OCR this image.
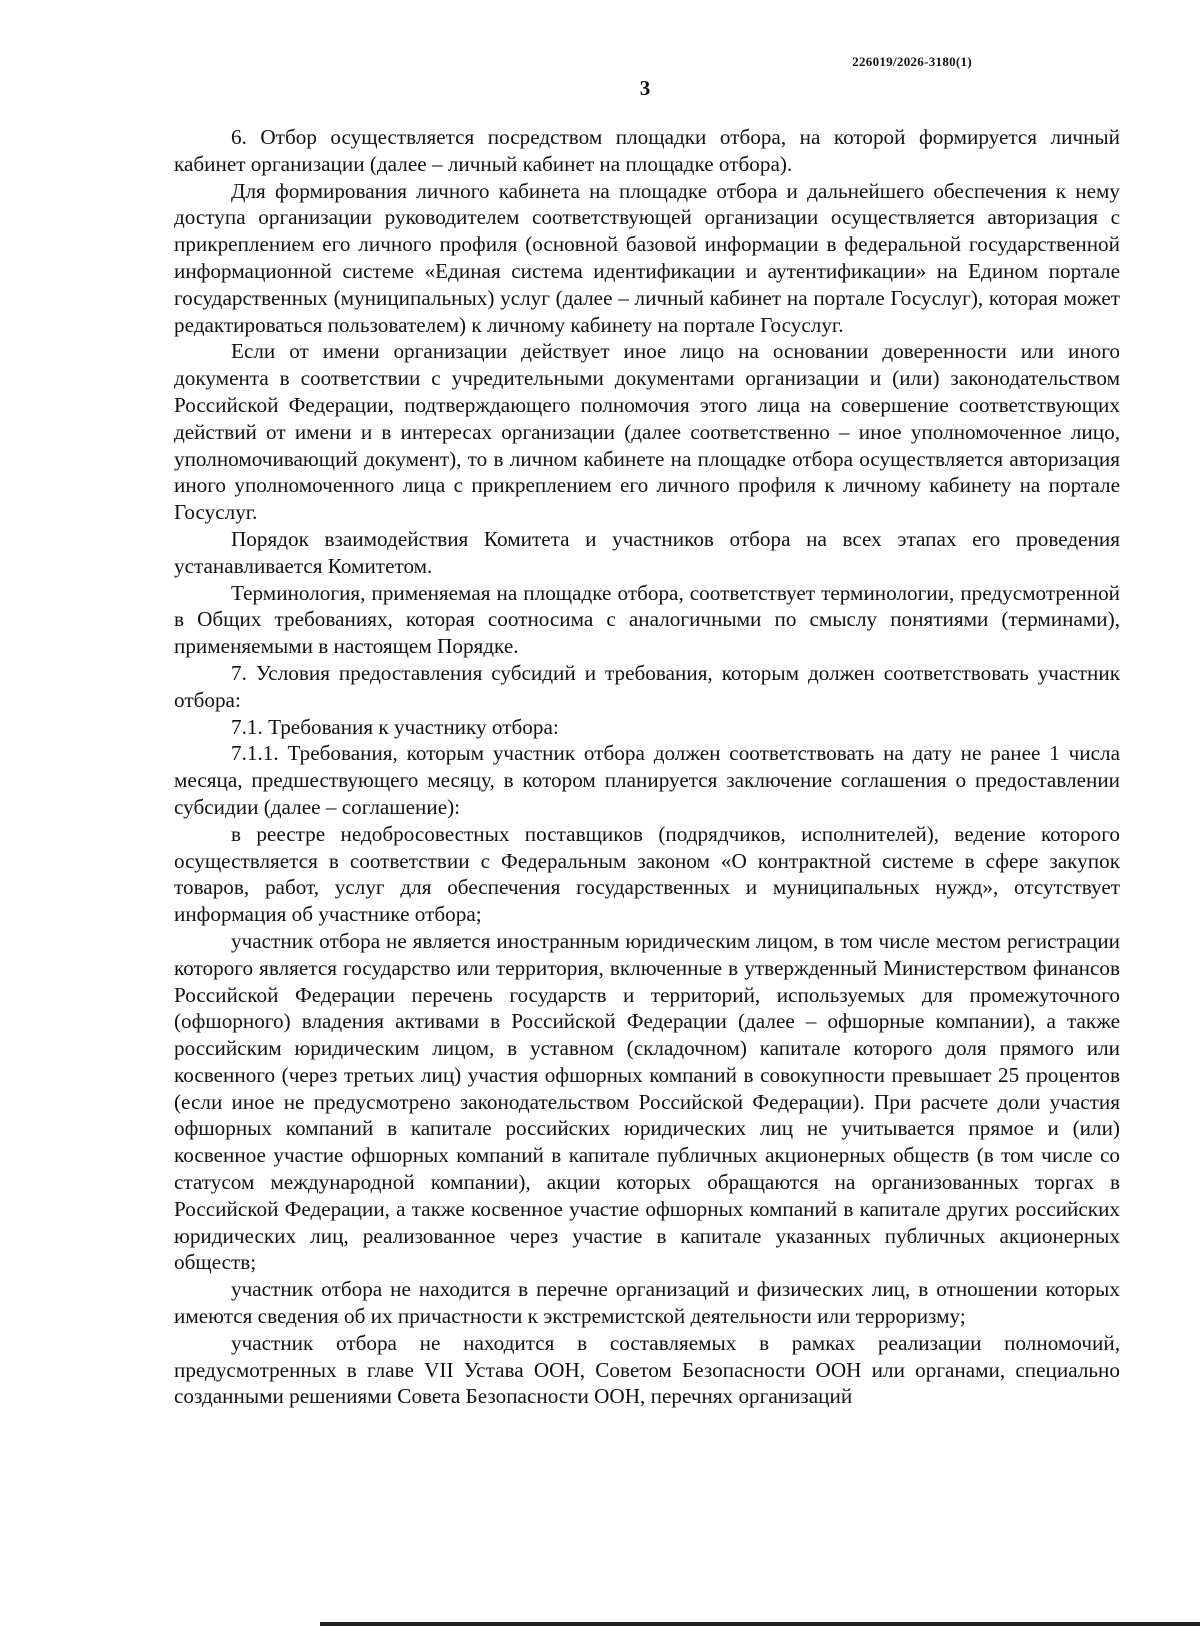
226019/2026-3180(1)
3

6. Отбор осуществляется посредством площадки отбора, на которой формируется личный кабинет организации (далее – личный кабинет на площадке отбора).

Для формирования личного кабинета на площадке отбора и дальнейшего обеспечения к нему доступа организации руководителем соответствующей организации осуществляется авторизация с прикреплением его личного профиля (основной базовой информации в федеральной государственной информационной системе «Единая система идентификации и аутентификации» на Едином портале государственных (муниципальных) услуг (далее – личный кабинет на портале Госуслуг), которая может редактироваться пользователем) к личному кабинету на портале Госуслуг.

Если от имени организации действует иное лицо на основании доверенности или иного документа в соответствии с учредительными документами организации и (или) законодательством Российской Федерации, подтверждающего полномочия этого лица на совершение соответствующих действий от имени и в интересах организации (далее соответственно – иное уполномоченное лицо, уполномочивающий документ), то в личном кабинете на площадке отбора осуществляется авторизация иного уполномоченного лица с прикреплением его личного профиля к личному кабинету на портале Госуслуг.

Порядок взаимодействия Комитета и участников отбора на всех этапах его проведения устанавливается Комитетом.

Терминология, применяемая на площадке отбора, соответствует терминологии, предусмотренной в Общих требованиях, которая соотносима с аналогичными по смыслу понятиями (терминами), применяемыми в настоящем Порядке.

7. Условия предоставления субсидий и требования, которым должен соответствовать участник отбора:

7.1. Требования к участнику отбора:

7.1.1. Требования, которым участник отбора должен соответствовать на дату не ранее 1 числа месяца, предшествующего месяцу, в котором планируется заключение соглашения о предоставлении субсидии (далее – соглашение):

в реестре недобросовестных поставщиков (подрядчиков, исполнителей), ведение которого осуществляется в соответствии с Федеральным законом «О контрактной системе в сфере закупок товаров, работ, услуг для обеспечения государственных и муниципальных нужд», отсутствует информация об участнике отбора;

участник отбора не является иностранным юридическим лицом, в том числе местом регистрации которого является государство или территория, включенные в утвержденный Министерством финансов Российской Федерации перечень государств и территорий, используемых для промежуточного (офшорного) владения активами в Российской Федерации (далее – офшорные компании), а также российским юридическим лицом, в уставном (складочном) капитале которого доля прямого или косвенного (через третьих лиц) участия офшорных компаний в совокупности превышает 25 процентов (если иное не предусмотрено законодательством Российской Федерации). При расчете доли участия офшорных компаний в капитале российских юридических лиц не учитывается прямое и (или) косвенное участие офшорных компаний в капитале публичных акционерных обществ (в том числе со статусом международной компании), акции которых обращаются на организованных торгах в Российской Федерации, а также косвенное участие офшорных компаний в капитале других российских юридических лиц, реализованное через участие в капитале указанных публичных акционерных обществ;

участник отбора не находится в перечне организаций и физических лиц, в отношении которых имеются сведения об их причастности к экстремистской деятельности или терроризму;

участник отбора не находится в составляемых в рамках реализации полномочий, предусмотренных в главе VII Устава ООН, Советом Безопасности ООН или органами, специально созданными решениями Совета Безопасности ООН, перечнях организаций
